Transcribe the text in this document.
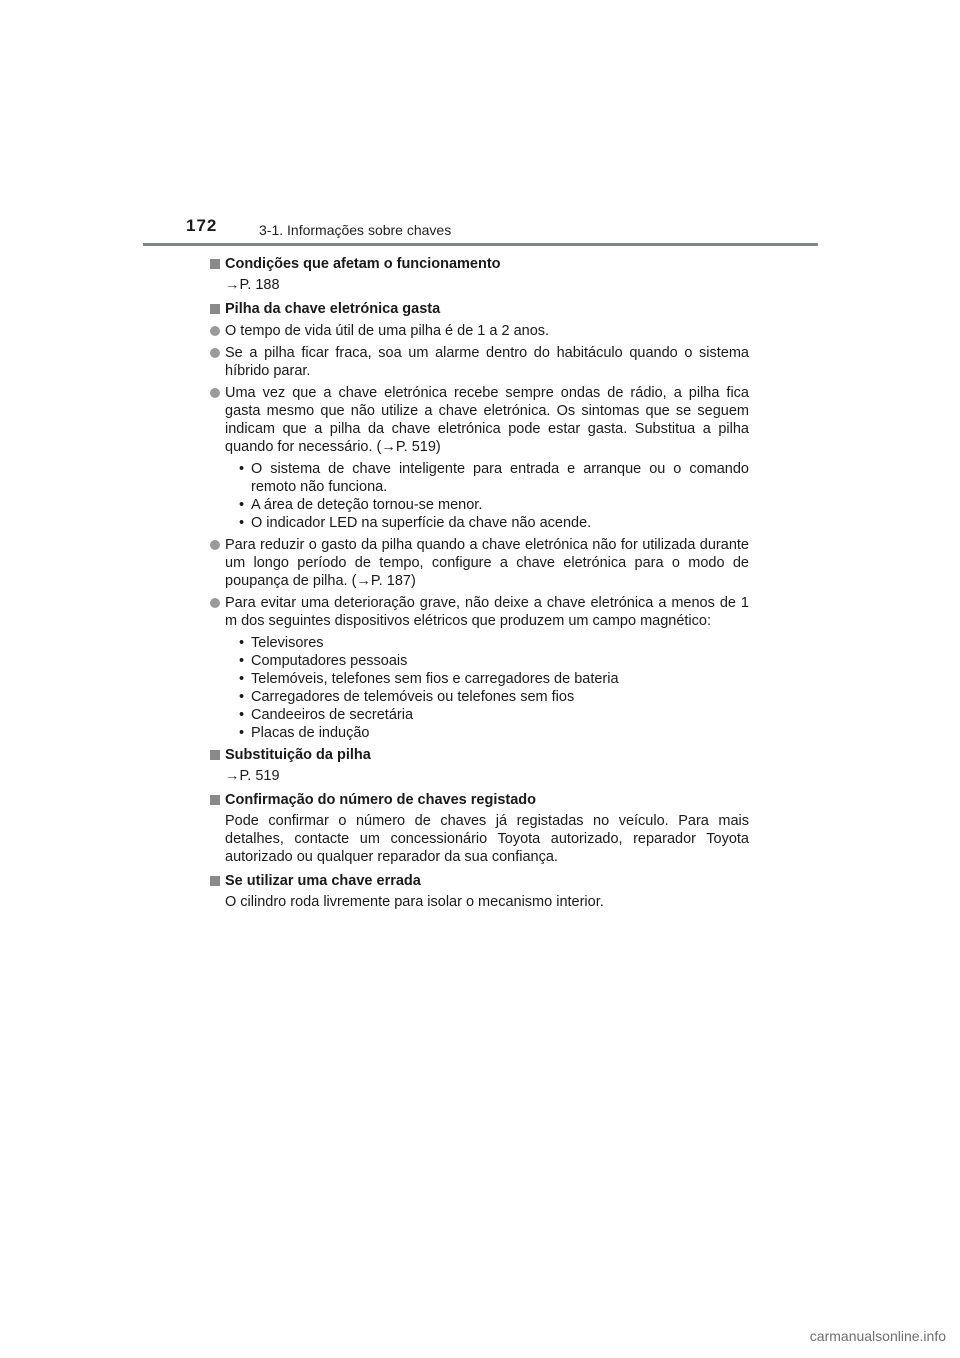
172	3-1. Informações sobre chaves

Condições que afetam o funcionamento

→P. 188

Pilha da chave eletrónica gasta

O tempo de vida útil de uma pilha é de 1 a 2 anos.
Se a pilha ficar fraca, soa um alarme dentro do habitáculo quando o sistema híbrido parar.
Uma vez que a chave eletrónica recebe sempre ondas de rádio, a pilha fica gasta mesmo que não utilize a chave eletrónica. Os sintomas que se seguem indicam que a pilha da chave eletrónica pode estar gasta. Substitua a pilha quando for necessário. (→P. 519)
• O sistema de chave inteligente para entrada e arranque ou o comando remoto não funciona.
• A área de deteção tornou-se menor.
• O indicador LED na superfície da chave não acende.
Para reduzir o gasto da pilha quando a chave eletrónica não for utilizada durante um longo período de tempo, configure a chave eletrónica para o modo de poupança de pilha. (→P. 187)
Para evitar uma deterioração grave, não deixe a chave eletrónica a menos de 1 m dos seguintes dispositivos elétricos que produzem um campo magnético:
• Televisores
• Computadores pessoais
• Telemóveis, telefones sem fios e carregadores de bateria
• Carregadores de telemóveis ou telefones sem fios
• Candeeiros de secretária
• Placas de indução

Substituição da pilha

→P. 519

Confirmação do número de chaves registado

Pode confirmar o número de chaves já registadas no veículo. Para mais detalhes, contacte um concessionário Toyota autorizado, reparador Toyota autorizado ou qualquer reparador da sua confiança.

Se utilizar uma chave errada

O cilindro roda livremente para isolar o mecanismo interior.

carmanualsonline.info
